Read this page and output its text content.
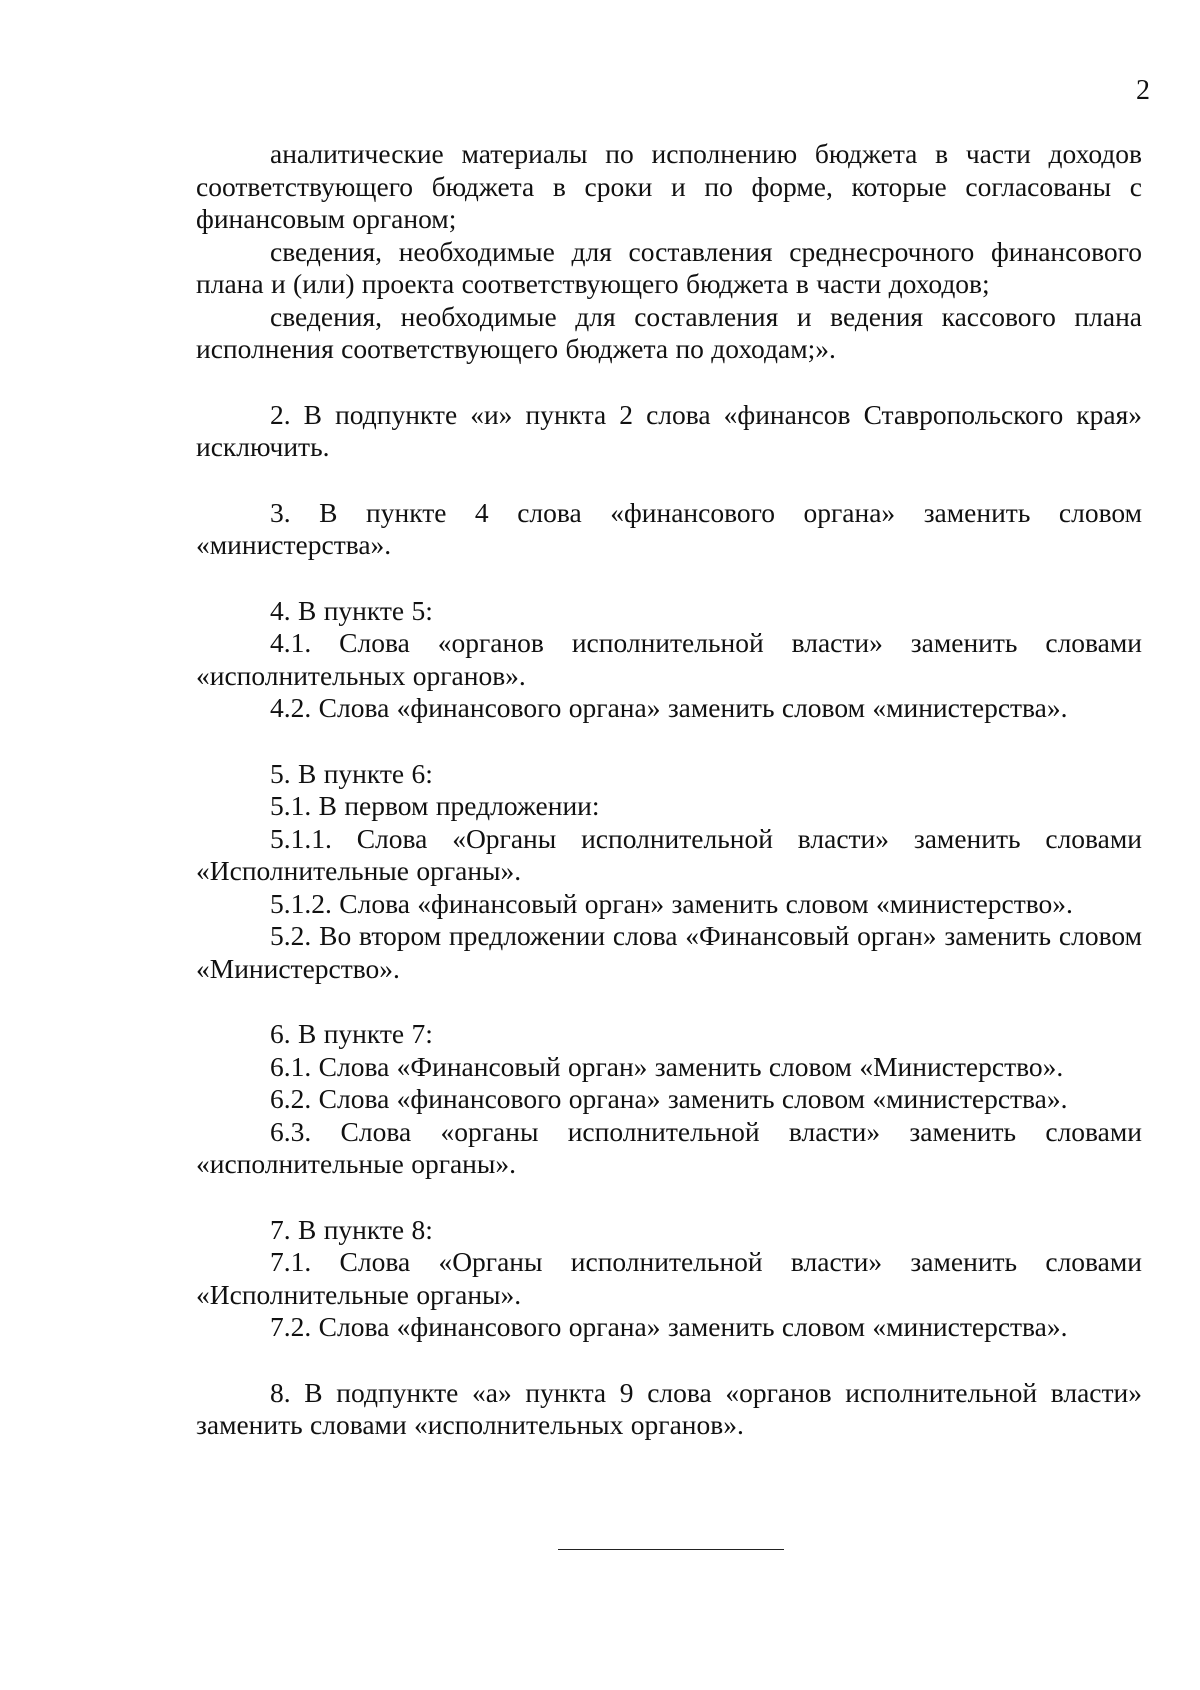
2

аналитические материалы по исполнению бюджета в части доходов соответствующего бюджета в сроки и по форме, которые согласованы с финансовым органом;

сведения, необходимые для составления среднесрочного финансового плана и (или) проекта соответствующего бюджета в части доходов;

сведения, необходимые для составления и ведения кассового плана исполнения соответствующего бюджета по доходам;».

2. В подпункте «и» пункта 2 слова «финансов Ставропольского края» исключить.

3. В пункте 4 слова «финансового органа» заменить словом «министерства».

4. В пункте 5:

4.1. Слова «органов исполнительной власти» заменить словами «исполнительных органов».

4.2. Слова «финансового органа» заменить словом «министерства».

5. В пункте 6:

5.1. В первом предложении:

5.1.1. Слова «Органы исполнительной власти» заменить словами «Исполнительные органы».

5.1.2. Слова «финансовый орган» заменить словом «министерство».

5.2. Во втором предложении слова «Финансовый орган» заменить словом «Министерство».

6. В пункте 7:

6.1. Слова «Финансовый орган» заменить словом «Министерство».

6.2. Слова «финансового органа» заменить словом «министерства».

6.3. Слова «органы исполнительной власти» заменить словами «исполнительные органы».

7. В пункте 8:

7.1. Слова «Органы исполнительной власти» заменить словами «Исполнительные органы».

7.2. Слова «финансового органа» заменить словом «министерства».

8. В подпункте «а» пункта 9 слова «органов исполнительной власти» заменить словами «исполнительных органов».
